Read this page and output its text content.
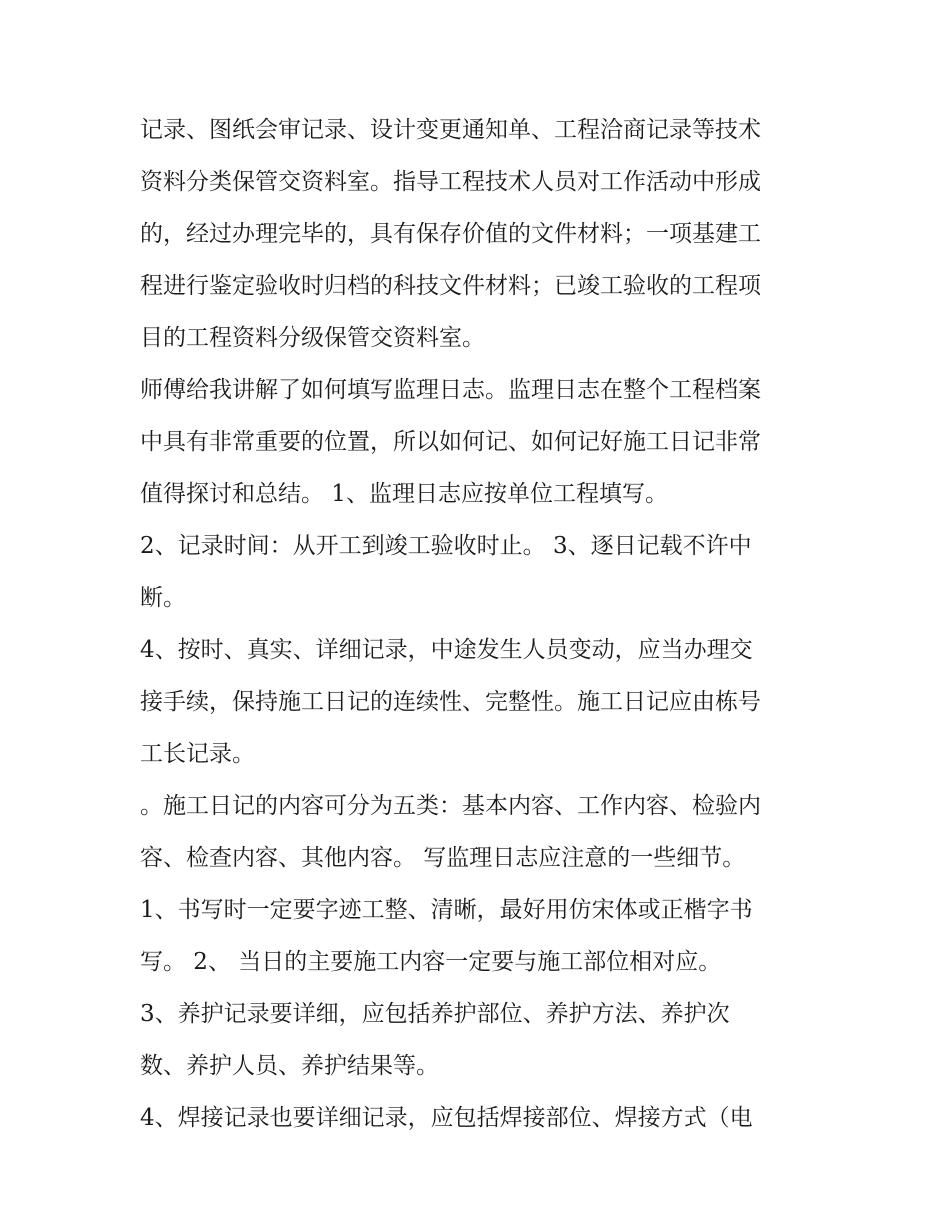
记录、图纸会审记录、设计变更通知单、工程洽商记录等技术
资料分类保管交资料室。指导工程技术人员对工作活动中形成
的，经过办理完毕的，具有保存价值的文件材料；一项基建工
程进行鉴定验收时归档的科技文件材料；已竣工验收的工程项
目的工程资料分级保管交资料室。
师傅给我讲解了如何填写监理日志。监理日志在整个工程档案
中具有非常重要的位置，所以如何记、如何记好施工日记非常
值得探讨和总结。 1、监理日志应按单位工程填写。
2、记录时间：从开工到竣工验收时止。 3、逐日记载不许中
断。
4、按时、真实、详细记录，中途发生人员变动，应当办理交
接手续，保持施工日记的连续性、完整性。施工日记应由栋号
工长记录。
。施工日记的内容可分为五类：基本内容、工作内容、检验内
容、检查内容、其他内容。 写监理日志应注意的一些细节。
1、书写时一定要字迹工整、清晰，最好用仿宋体或正楷字书
写。 2、 当日的主要施工内容一定要与施工部位相对应。
3、养护记录要详细，应包括养护部位、养护方法、养护次
数、养护人员、养护结果等。
4、焊接记录也要详细记录，应包括焊接部位、焊接方式（电
